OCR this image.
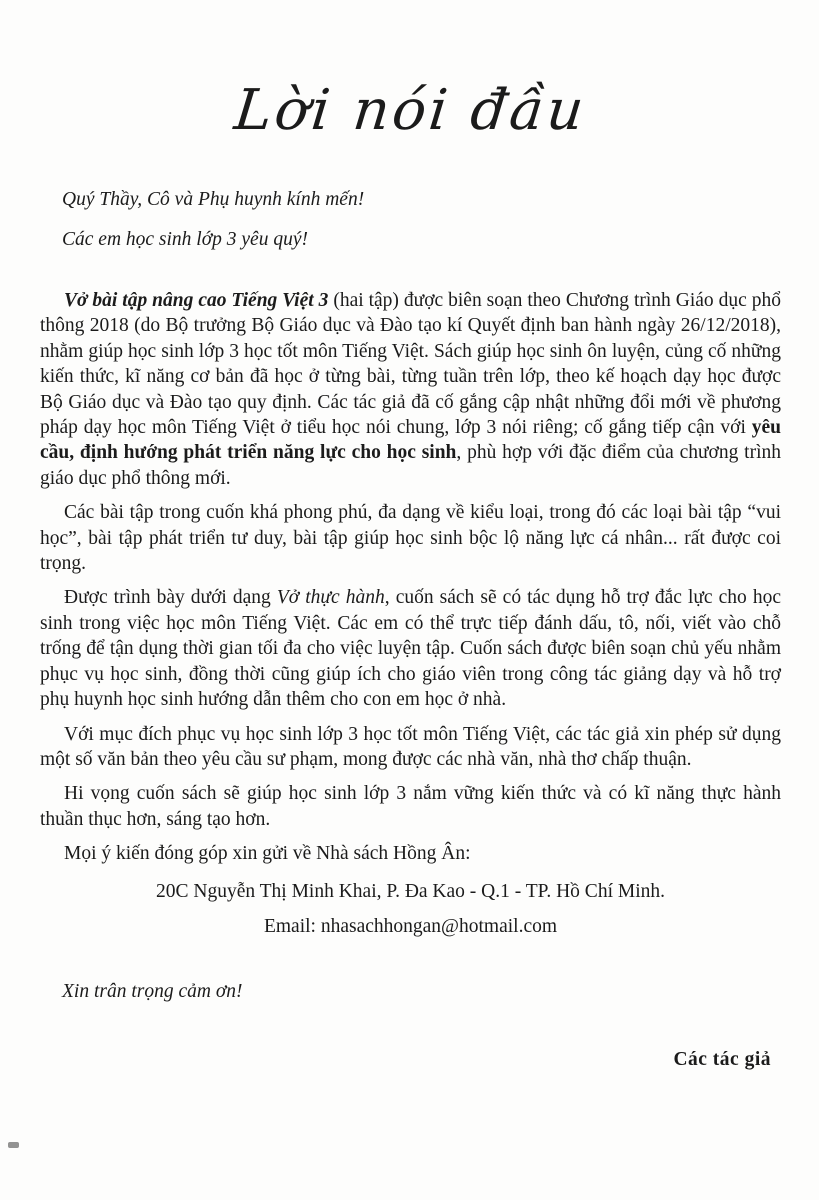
Lời nói đầu

Quý Thầy, Cô và Phụ huynh kính mến!

Các em học sinh lớp 3 yêu quý!

Vở bài tập nâng cao Tiếng Việt 3 (hai tập) được biên soạn theo Chương trình Giáo dục phổ thông 2018 (do Bộ trưởng Bộ Giáo dục và Đào tạo kí Quyết định ban hành ngày 26/12/2018), nhằm giúp học sinh lớp 3 học tốt môn Tiếng Việt. Sách giúp học sinh ôn luyện, củng cố những kiến thức, kĩ năng cơ bản đã học ở từng bài, từng tuần trên lớp, theo kế hoạch dạy học được Bộ Giáo dục và Đào tạo quy định. Các tác giả đã cố gắng cập nhật những đổi mới về phương pháp dạy học môn Tiếng Việt ở tiểu học nói chung, lớp 3 nói riêng; cố gắng tiếp cận với yêu cầu, định hướng phát triển năng lực cho học sinh, phù hợp với đặc điểm của chương trình giáo dục phổ thông mới.

Các bài tập trong cuốn khá phong phú, đa dạng về kiểu loại, trong đó các loại bài tập “vui học”, bài tập phát triển tư duy, bài tập giúp học sinh bộc lộ năng lực cá nhân... rất được coi trọng.

Được trình bày dưới dạng Vở thực hành, cuốn sách sẽ có tác dụng hỗ trợ đắc lực cho học sinh trong việc học môn Tiếng Việt. Các em có thể trực tiếp đánh dấu, tô, nối, viết vào chỗ trống để tận dụng thời gian tối đa cho việc luyện tập. Cuốn sách được biên soạn chủ yếu nhằm phục vụ học sinh, đồng thời cũng giúp ích cho giáo viên trong công tác giảng dạy và hỗ trợ phụ huynh học sinh hướng dẫn thêm cho con em học ở nhà.

Với mục đích phục vụ học sinh lớp 3 học tốt môn Tiếng Việt, các tác giả xin phép sử dụng một số văn bản theo yêu cầu sư phạm, mong được các nhà văn, nhà thơ chấp thuận.

Hi vọng cuốn sách sẽ giúp học sinh lớp 3 nắm vững kiến thức và có kĩ năng thực hành thuần thục hơn, sáng tạo hơn.

Mọi ý kiến đóng góp xin gửi về Nhà sách Hồng Ân:

20C Nguyễn Thị Minh Khai, P. Đa Kao - Q.1 - TP. Hồ Chí Minh.

Email: nhasachhongan@hotmail.com

Xin trân trọng cảm ơn!

Các tác giả
